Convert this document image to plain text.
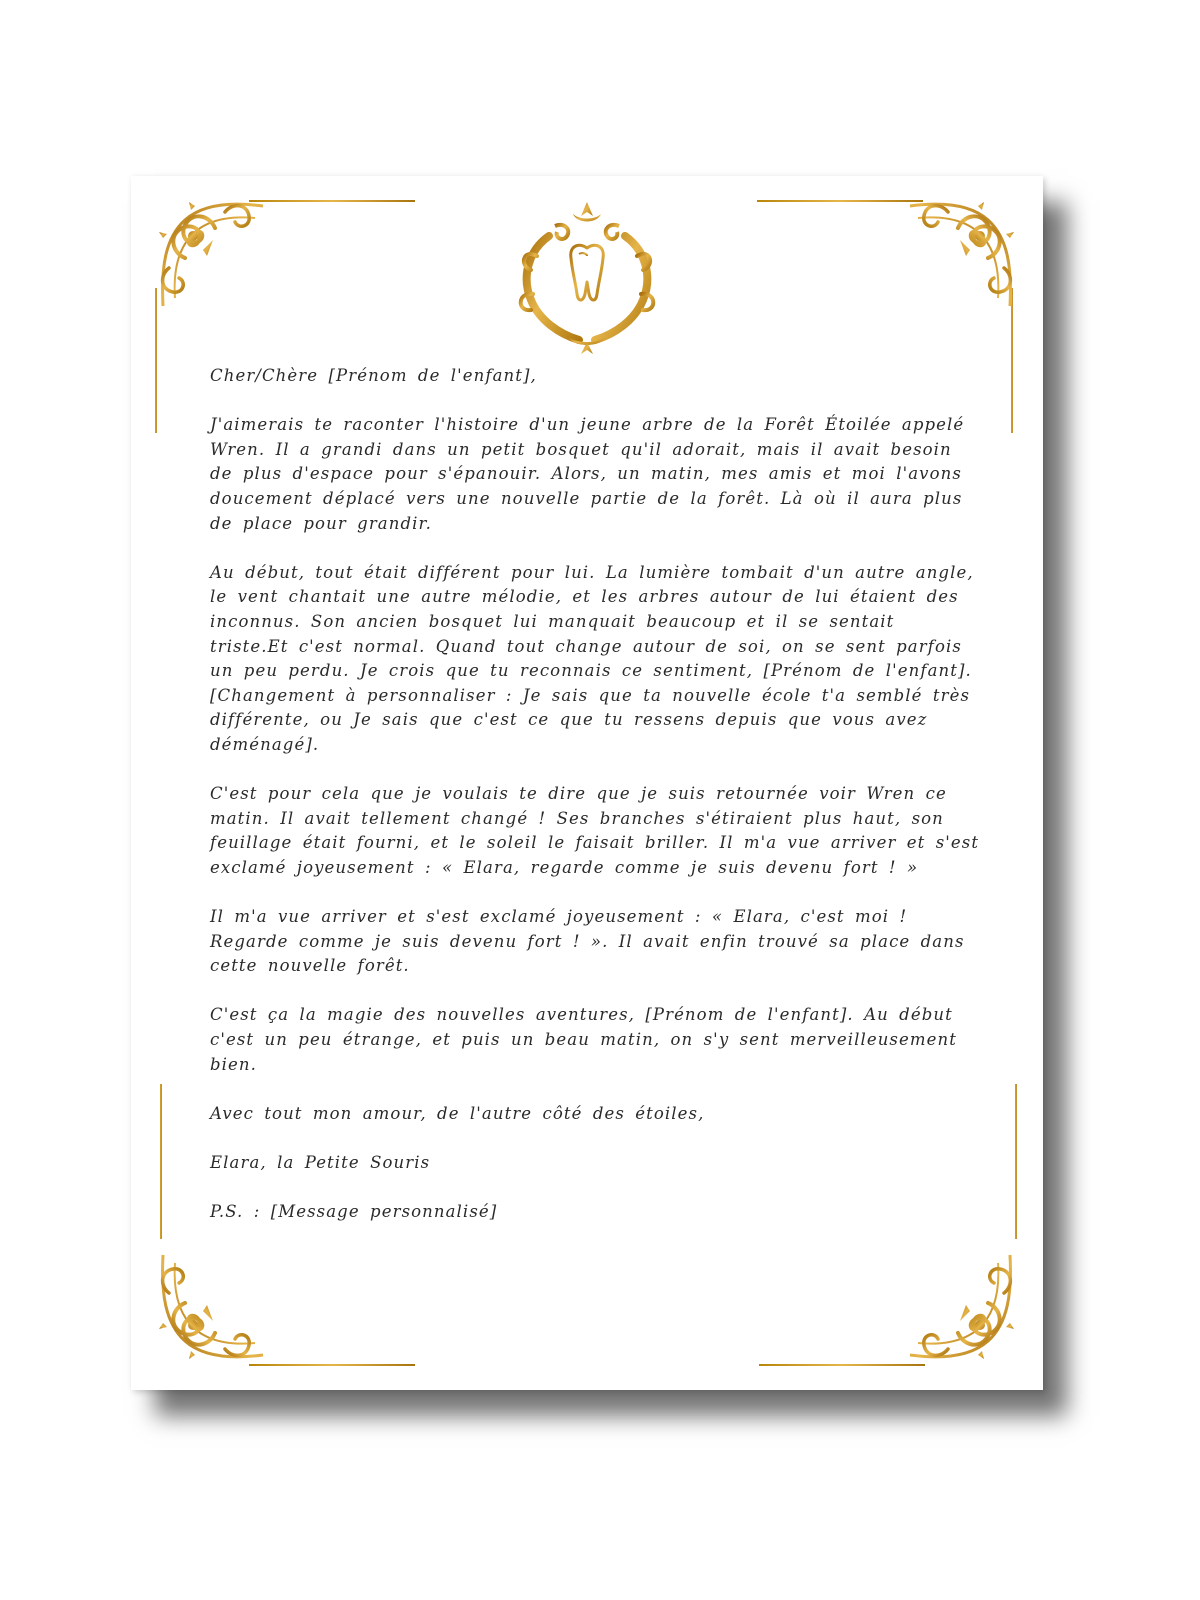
Cher/Chère [Prénom de l'enfant],

J'aimerais te raconter l'histoire d'un jeune arbre de la Forêt Étoilée appelé Wren. Il a grandi dans un petit bosquet qu'il adorait, mais il avait besoin de plus d'espace pour s'épanouir. Alors, un matin, mes amis et moi l'avons doucement déplacé vers une nouvelle partie de la forêt. Là où il aura plus de place pour grandir.

Au début, tout était différent pour lui. La lumière tombait d'un autre angle, le vent chantait une autre mélodie, et les arbres autour de lui étaient des inconnus. Son ancien bosquet lui manquait beaucoup et il se sentait triste.Et c'est normal. Quand tout change autour de soi, on se sent parfois un peu perdu. Je crois que tu reconnais ce sentiment, [Prénom de l'enfant]. [Changement à personnaliser : Je sais que ta nouvelle école t'a semblé très différente, ou Je sais que c'est ce que tu ressens depuis que vous avez déménagé].

C'est pour cela que je voulais te dire que je suis retournée voir Wren ce matin. Il avait tellement changé ! Ses branches s'étiraient plus haut, son feuillage était fourni, et le soleil le faisait briller. Il m'a vue arriver et s'est exclamé joyeusement : « Elara, regarde comme je suis devenu fort ! »

Il m'a vue arriver et s'est exclamé joyeusement : « Elara, c'est moi ! Regarde comme je suis devenu fort ! ». Il avait enfin trouvé sa place dans cette nouvelle forêt.

C'est ça la magie des nouvelles aventures, [Prénom de l'enfant]. Au début c'est un peu étrange, et puis un beau matin, on s'y sent merveilleusement bien.

Avec tout mon amour, de l'autre côté des étoiles,

Elara, la Petite Souris

P.S. : [Message personnalisé]
